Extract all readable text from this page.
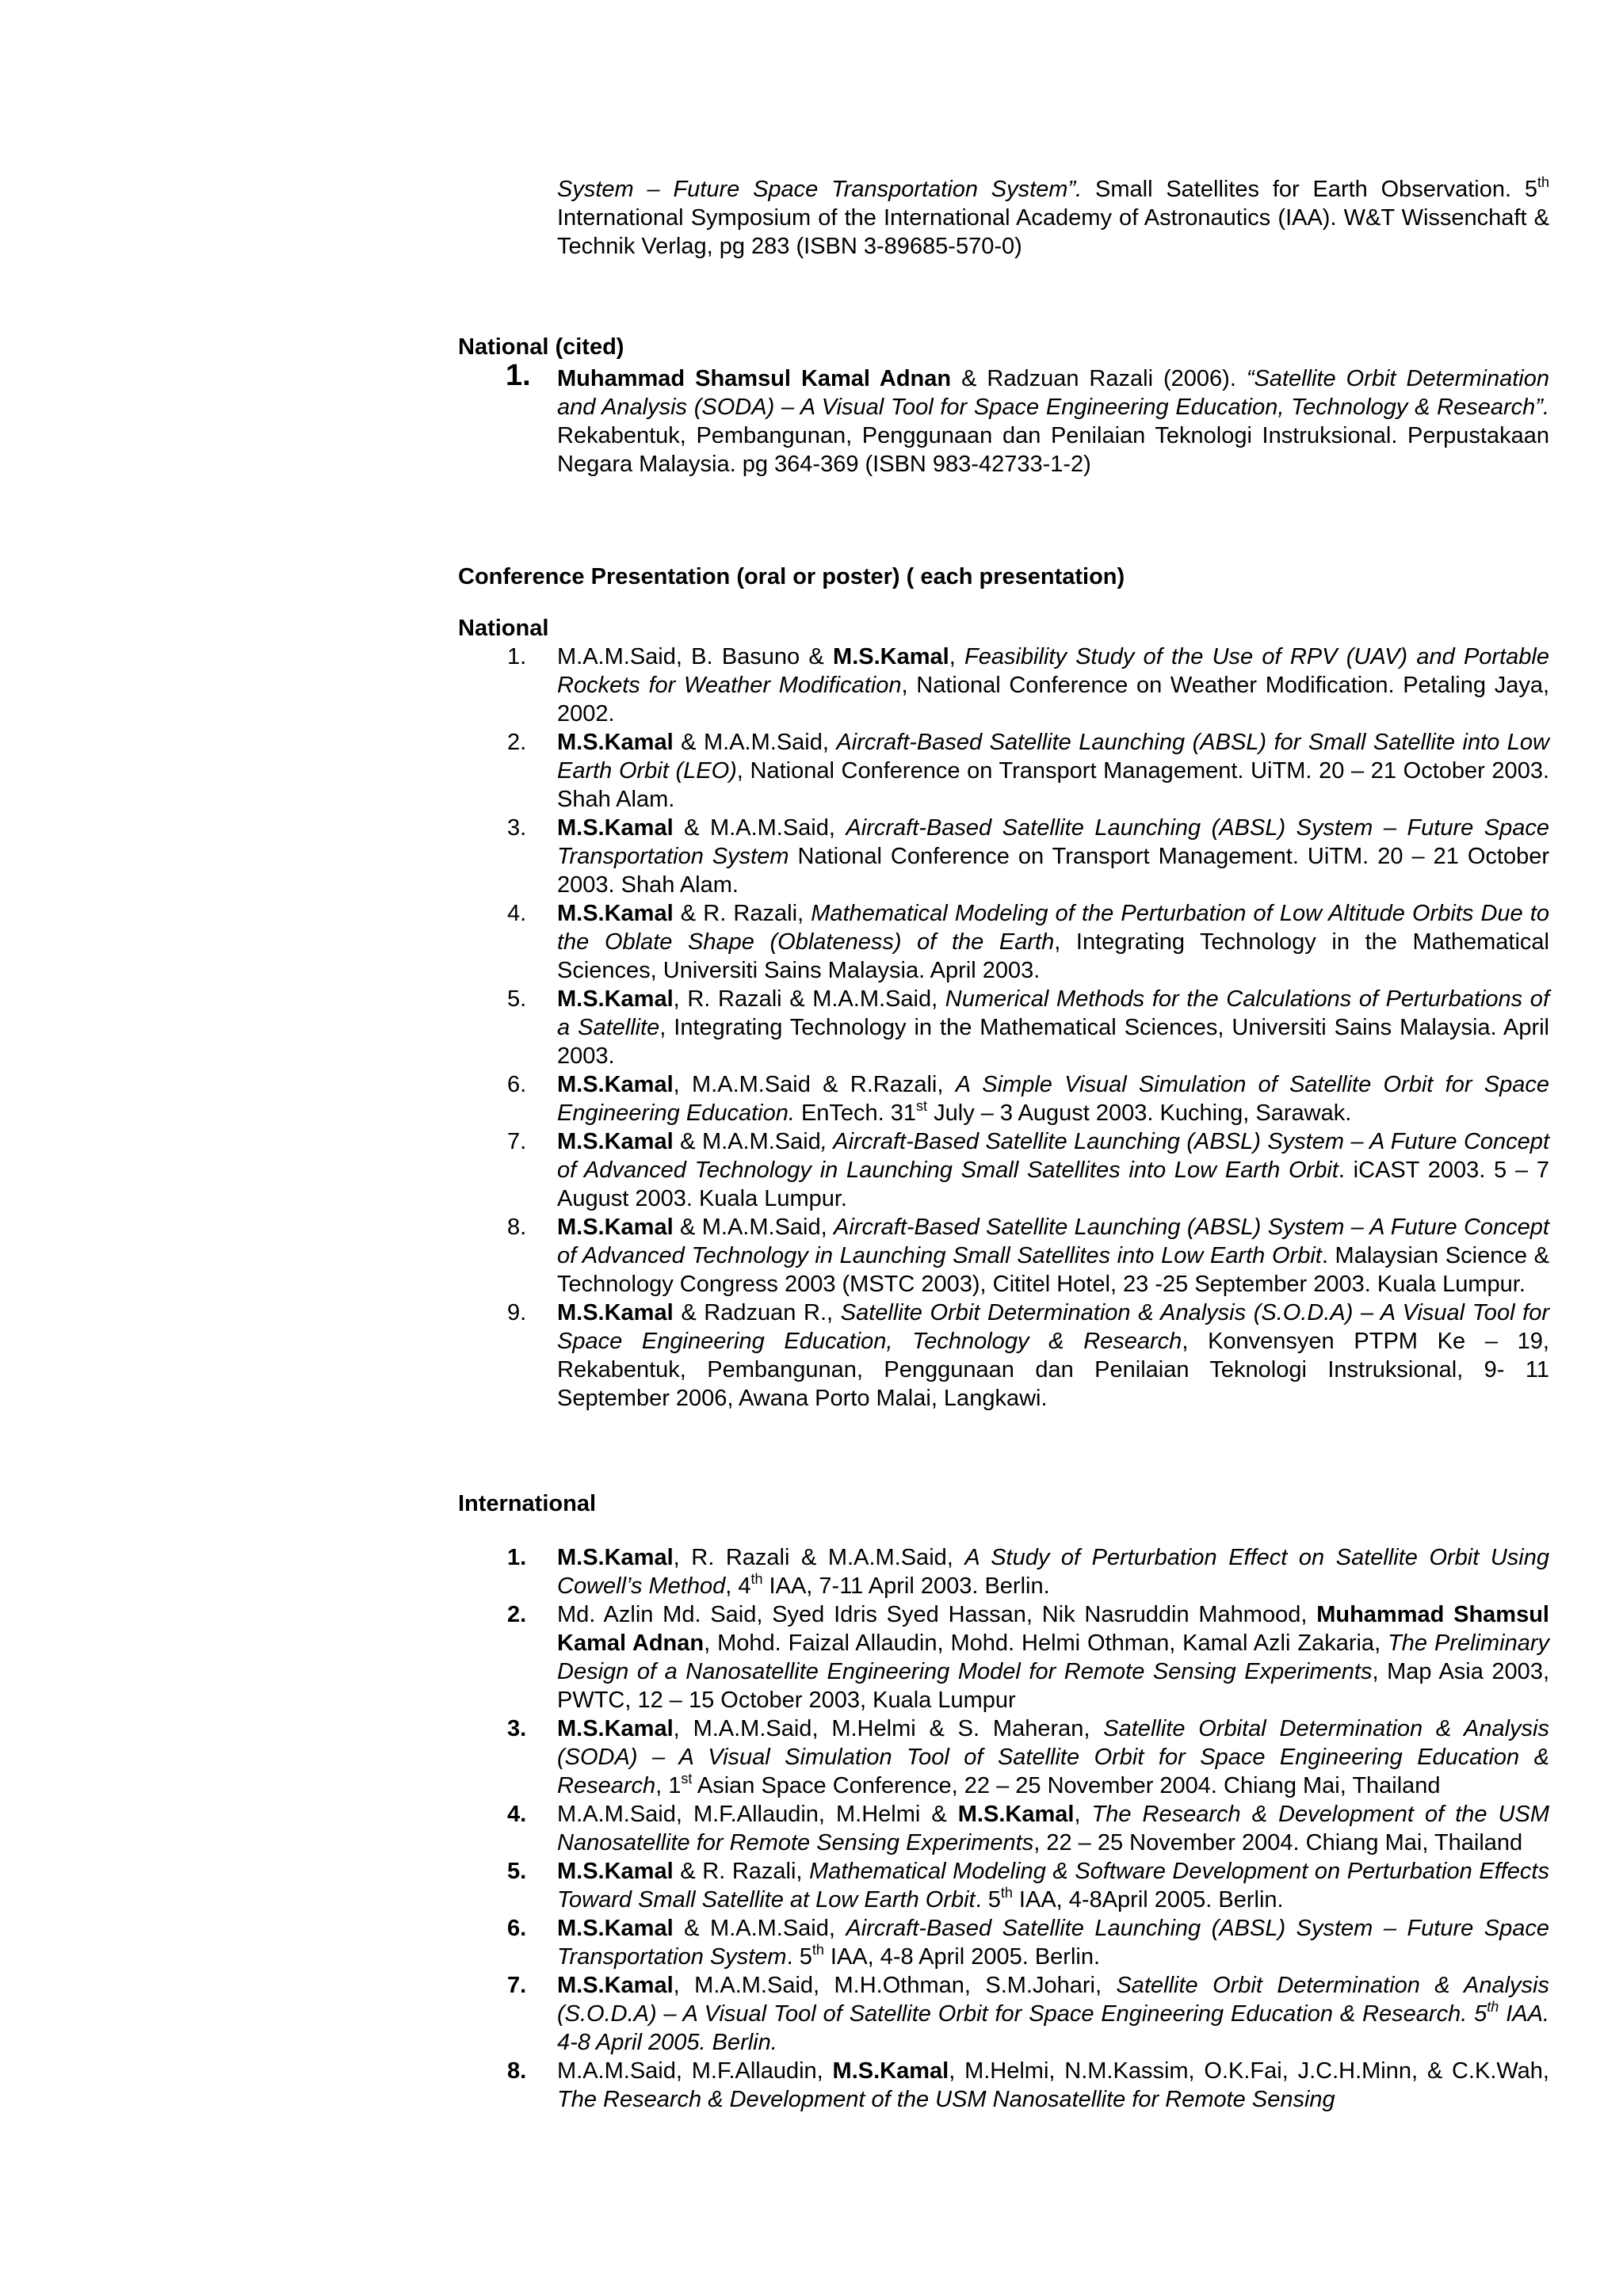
System – Future Space Transportation System”. Small Satellites for Earth Observation. 5th International Symposium of the International Academy of Astronautics (IAA). W&T Wissenchaft & Technik Verlag, pg 283 (ISBN 3-89685-570-0)
National (cited)
1. Muhammad Shamsul Kamal Adnan & Radzuan Razali (2006). “Satellite Orbit Determination and Analysis (SODA) – A Visual Tool for Space Engineering Education, Technology & Research”. Rekabentuk, Pembangunan, Penggunaan dan Penilaian Teknologi Instruksional. Perpustakaan Negara Malaysia. pg 364-369 (ISBN 983-42733-1-2)
Conference Presentation (oral or poster) ( each presentation)
National
1. M.A.M.Said, B. Basuno & M.S.Kamal, Feasibility Study of the Use of RPV (UAV) and Portable Rockets for Weather Modification, National Conference on Weather Modification. Petaling Jaya, 2002.
2. M.S.Kamal & M.A.M.Said, Aircraft-Based Satellite Launching (ABSL) for Small Satellite into Low Earth Orbit (LEO), National Conference on Transport Management. UiTM. 20 – 21 October 2003. Shah Alam.
3. M.S.Kamal & M.A.M.Said, Aircraft-Based Satellite Launching (ABSL) System – Future Space Transportation System National Conference on Transport Management. UiTM. 20 – 21 October 2003. Shah Alam.
4. M.S.Kamal & R. Razali, Mathematical Modeling of the Perturbation of Low Altitude Orbits Due to the Oblate Shape (Oblateness) of the Earth, Integrating Technology in the Mathematical Sciences, Universiti Sains Malaysia. April 2003.
5. M.S.Kamal, R. Razali & M.A.M.Said, Numerical Methods for the Calculations of Perturbations of a Satellite, Integrating Technology in the Mathematical Sciences, Universiti Sains Malaysia. April 2003.
6. M.S.Kamal, M.A.M.Said & R.Razali, A Simple Visual Simulation of Satellite Orbit for Space Engineering Education. EnTech. 31st July – 3 August 2003. Kuching, Sarawak.
7. M.S.Kamal & M.A.M.Said, Aircraft-Based Satellite Launching (ABSL) System – A Future Concept of Advanced Technology in Launching Small Satellites into Low Earth Orbit. iCAST 2003. 5 – 7 August 2003. Kuala Lumpur.
8. M.S.Kamal & M.A.M.Said, Aircraft-Based Satellite Launching (ABSL) System – A Future Concept of Advanced Technology in Launching Small Satellites into Low Earth Orbit. Malaysian Science & Technology Congress 2003 (MSTC 2003), Cititel Hotel, 23 -25 September 2003. Kuala Lumpur.
9. M.S.Kamal & Radzuan R., Satellite Orbit Determination & Analysis (S.O.D.A) – A Visual Tool for Space Engineering Education, Technology & Research, Konvensyen PTPM Ke – 19, Rekabentuk, Pembangunan, Penggunaan dan Penilaian Teknologi Instruksional, 9- 11 September 2006, Awana Porto Malai, Langkawi.
International
1. M.S.Kamal, R. Razali & M.A.M.Said, A Study of Perturbation Effect on Satellite Orbit Using Cowell’s Method, 4th IAA, 7-11 April 2003. Berlin.
2. Md. Azlin Md. Said, Syed Idris Syed Hassan, Nik Nasruddin Mahmood, Muhammad Shamsul Kamal Adnan, Mohd. Faizal Allaudin, Mohd. Helmi Othman, Kamal Azli Zakaria, The Preliminary Design of a Nanosatellite Engineering Model for Remote Sensing Experiments, Map Asia 2003, PWTC, 12 – 15 October 2003, Kuala Lumpur
3. M.S.Kamal, M.A.M.Said, M.Helmi & S. Maheran, Satellite Orbital Determination & Analysis (SODA) – A Visual Simulation Tool of Satellite Orbit for Space Engineering Education & Research, 1st Asian Space Conference, 22 – 25 November 2004. Chiang Mai, Thailand
4. M.A.M.Said, M.F.Allaudin, M.Helmi & M.S.Kamal, The Research & Development of the USM Nanosatellite for Remote Sensing Experiments, 22 – 25 November 2004. Chiang Mai, Thailand
5. M.S.Kamal & R. Razali, Mathematical Modeling & Software Development on Perturbation Effects Toward Small Satellite at Low Earth Orbit. 5th IAA, 4-8April 2005. Berlin.
6. M.S.Kamal & M.A.M.Said, Aircraft-Based Satellite Launching (ABSL) System – Future Space Transportation System. 5th IAA, 4-8 April 2005. Berlin.
7. M.S.Kamal, M.A.M.Said, M.H.Othman, S.M.Johari, Satellite Orbit Determination & Analysis (S.O.D.A) – A Visual Tool of Satellite Orbit for Space Engineering Education & Research. 5th IAA. 4-8 April 2005. Berlin.
8. M.A.M.Said, M.F.Allaudin, M.S.Kamal, M.Helmi, N.M.Kassim, O.K.Fai, J.C.H.Minn, & C.K.Wah, The Research & Development of the USM Nanosatellite for Remote Sensing
